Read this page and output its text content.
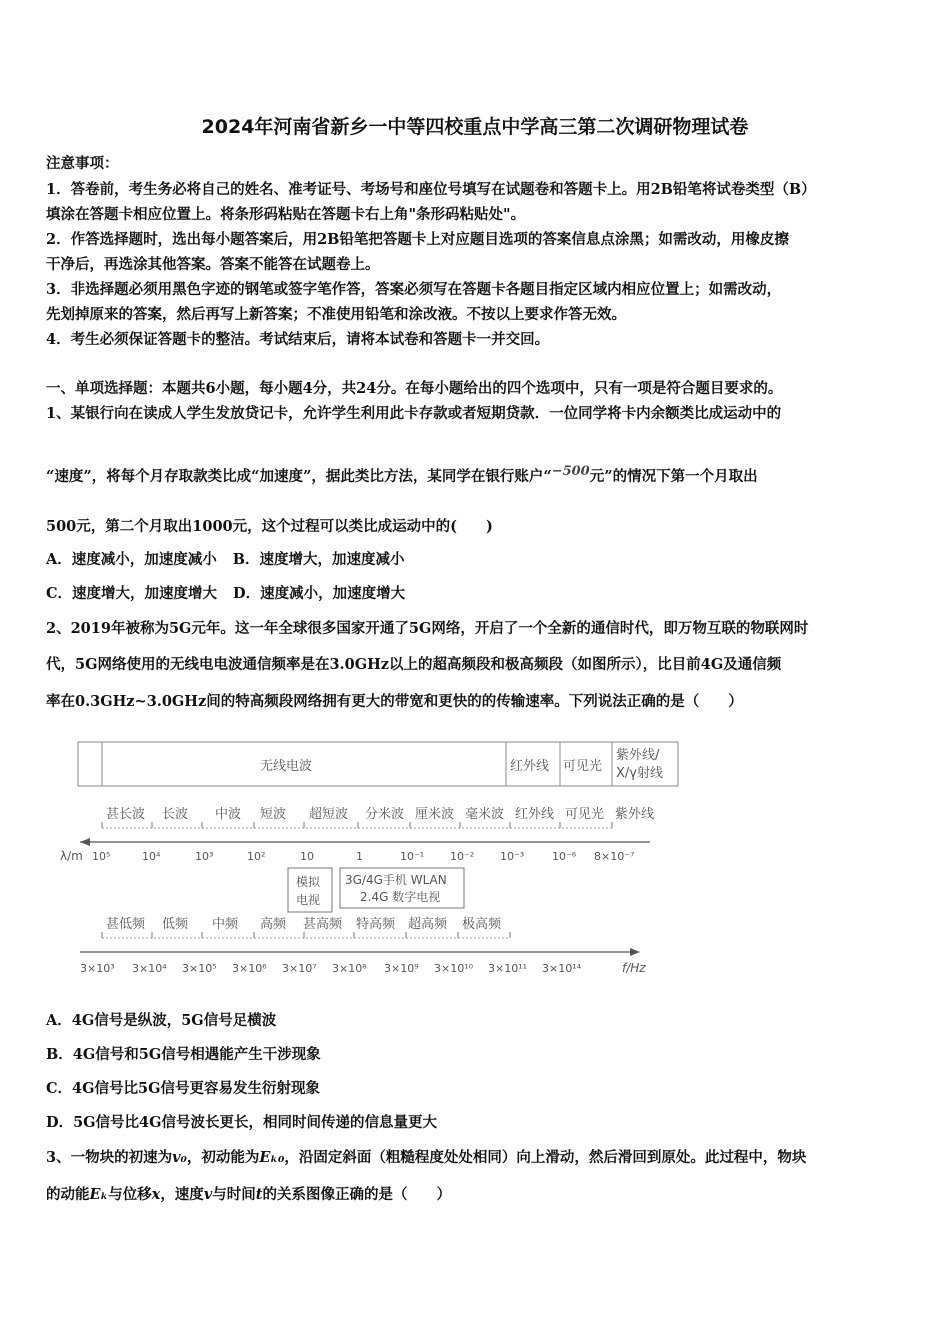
2024年河南省新乡一中等四校重点中学高三第二次调研物理试卷
注意事项：
1．答卷前，考生务必将自己的姓名、准考证号、考场号和座位号填写在试题卷和答题卡上。用2B铅笔将试卷类型（B）
填涂在答题卡相应位置上。将条形码粘贴在答题卡右上角"条形码粘贴处"。
2．作答选择题时，选出每小题答案后，用2B铅笔把答题卡上对应题目选项的答案信息点涂黑；如需改动，用橡皮擦
干净后，再选涂其他答案。答案不能答在试题卷上。
3．非选择题必须用黑色字迹的钢笔或签字笔作答，答案必须写在答题卡各题目指定区域内相应位置上；如需改动，
先划掉原来的答案，然后再写上新答案；不准使用铅笔和涂改液。不按以上要求作答无效。
4．考生必须保证答题卡的整洁。考试结束后，请将本试卷和答题卡一并交回。
一、单项选择题：本题共6小题，每小题4分，共24分。在每小题给出的四个选项中，只有一项是符合题目要求的。
1、某银行向在读成人学生发放贷记卡，允许学生利用此卡存款或者短期贷款．一位同学将卡内余额类比成运动中的
“速度”，将每个月存取款类比成“加速度”，据此类比方法，某同学在银行账户“−500元”的情况下第一个月取出
500元，第二个月取出1000元，这个过程可以类比成运动中的(　　)
A．速度减小，加速度减小 B．速度增大，加速度减小
C．速度增大，加速度增大 D．速度减小，加速度增大
2、2019年被称为5G元年。这一年全球很多国家开通了5G网络，开启了一个全新的通信时代，即万物互联的物联网时
代，5G网络使用的无线电电波通信频率是在3.0GHz以上的超高频段和极高频段（如图所示），比目前4G及通信频
率在0.3GHz~3.0GHz间的特高频段网络拥有更大的带宽和更快的的传输速率。下列说法正确的是（　　）
无线电波	红外线 可见光
紫外线/
X/γ射线
甚长波 长波 中波 短波 超短波 分米波 厘米波 毫米波 红外线 可见光 紫外线
λ/m 10⁵	10⁴	10³	10²	10	1	10⁻¹ 10⁻² 10⁻³	10⁻⁶ 8×10⁻⁷
模拟
电视
3G/4G手机 WLAN
2.4G 数字电视
甚低频 低频 中频 高频 甚高频 特高频 超高频 极高频
3×10³ 3×10⁴ 3×10⁵ 3×10⁶ 3×10⁷ 3×10⁸ 3×10⁹ 3×10¹⁰ 3×10¹¹ 3×10¹⁴	f/Hz
A．4G信号是纵波，5G信号足横波
B．4G信号和5G信号相遇能产生干涉现象
C．4G信号比5G信号更容易发生衍射现象
D．5G信号比4G信号波长更长，相同时间传递的信息量更大
3、一物块的初速为v₀，初动能为Eₖ₀，沿固定斜面（粗糙程度处处相同）向上滑动，然后滑回到原处。此过程中，物块
的动能Eₖ与位移x，速度v与时间t的关系图像正确的是（　　）
